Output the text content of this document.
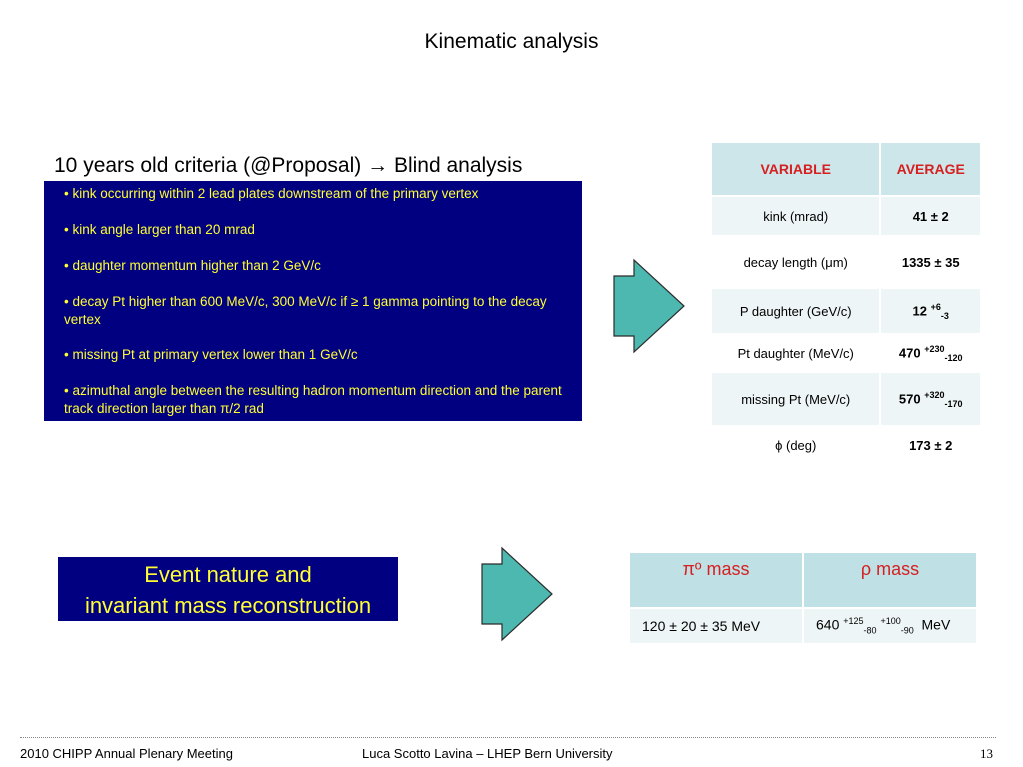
Kinematic analysis
10 years old criteria (@Proposal) → Blind analysis
• kink occurring within 2 lead plates downstream of the primary vertex
• kink angle larger than 20 mrad
• daughter momentum higher than 2 GeV/c
• decay Pt higher than 600 MeV/c, 300 MeV/c if ≥ 1 gamma pointing to the decay vertex
• missing Pt at primary vertex lower than 1 GeV/c
• azimuthal angle between the resulting hadron momentum direction and the parent track direction larger than π/2 rad
VARIABLE	AVERAGE
kink (mrad)	41 ± 2
decay length (μm)	1335 ± 35
P daughter (GeV/c)	12 $^{+6}_{-3}$
Pt daughter (MeV/c)	470 $^{+230}_{-120}$
missing Pt (MeV/c)	570 $^{+320}_{-170}$
ϕ (deg)	173 ± 2
Event nature and
invariant mass reconstruction
πº mass	ρ mass
120 ± 20 ± 35 MeV	640 $^{+125}_{-80}$ $^{+100}_{-90}$ MeV
2010 CHIPP Annual Plenary Meeting	Luca Scotto Lavina – LHEP Bern University	13
